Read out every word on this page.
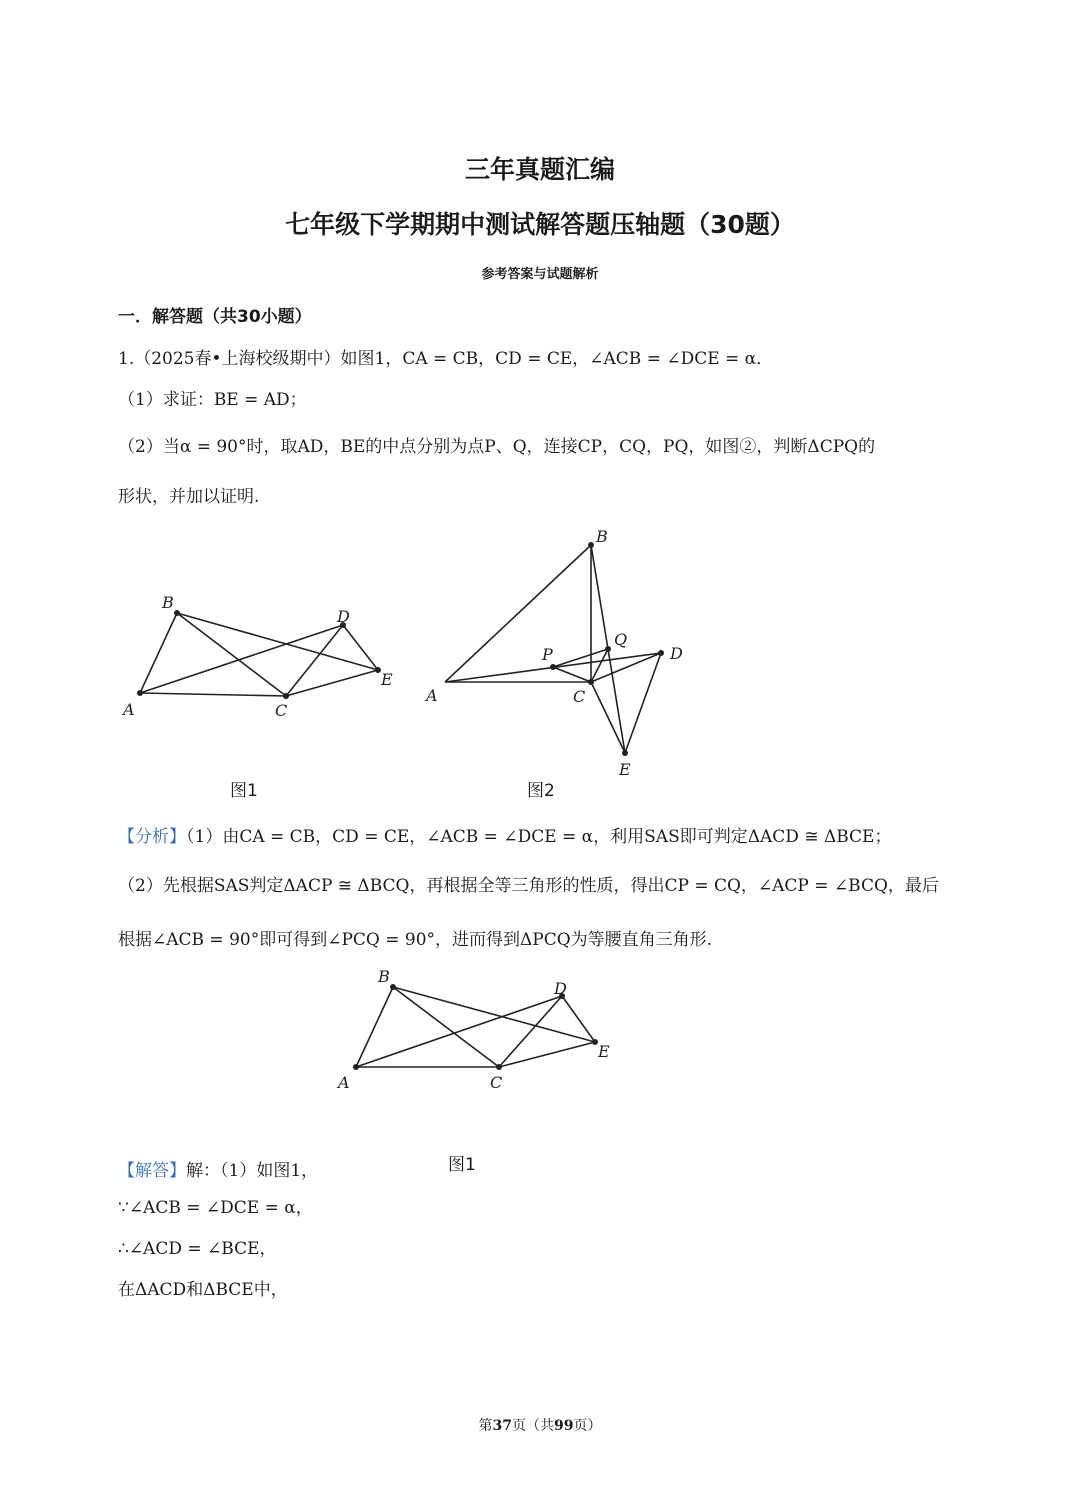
三年真题汇编
七年级下学期期中测试解答题压轴题（30题）
参考答案与试题解析
一．解答题（共30小题）
1.（2025春•上海校级期中）如图1，CA = CB，CD = CE，∠ACB = ∠DCE = α．
（1）求证：BE = AD；
（2）当α = 90°时，取AD，BE的中点分别为点P、Q，连接CP，CQ，PQ，如图②，判断ΔCPQ的
形状，并加以证明.
A
B
C
D
E
图1
A
B
C
D
E
P
Q
图2
【分析】（1）由CA = CB，CD = CE，∠ACB = ∠DCE = α，利用SAS即可判定ΔACD ≅ ΔBCE；
（2）先根据SAS判定ΔACP ≅ ΔBCQ，再根据全等三角形的性质，得出CP = CQ，∠ACP = ∠BCQ，最后
根据∠ACB = 90°即可得到∠PCQ = 90°，进而得到ΔPCQ为等腰直角三角形.
A
B
C
D
E
图1
【解答】解：（1）如图1，
∵∠ACB = ∠DCE = α，
∴∠ACD = ∠BCE，
在ΔACD和ΔBCE中，
第37页（共99页）
